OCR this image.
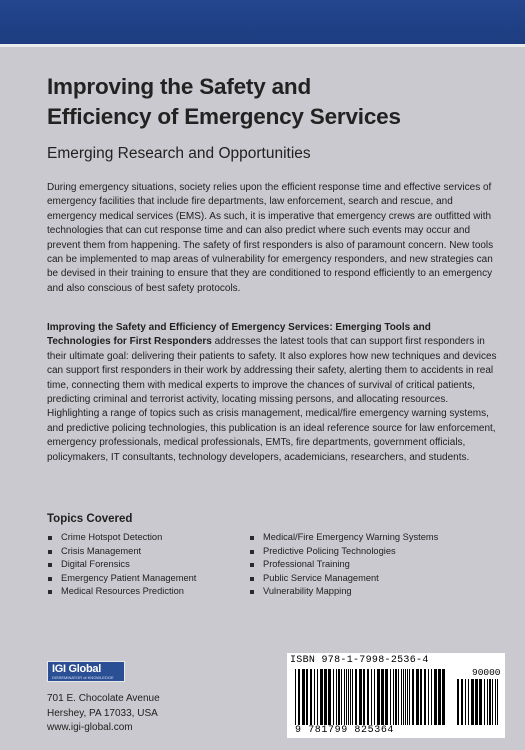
Improving the Safety and
Efficiency of Emergency Services
Emerging Research and Opportunities

During emergency situations, society relies upon the efficient response time and effective services of emergency facilities that include fire departments, law enforcement, search and rescue, and emergency medical services (EMS). As such, it is imperative that emergency crews are outfitted with technologies that can cut response time and can also predict where such events may occur and prevent them from happening. The safety of first responders is also of paramount concern. New tools can be implemented to map areas of vulnerability for emergency responders, and new strategies can be devised in their training to ensure that they are conditioned to respond efficiently to an emergency and also conscious of best safety protocols.

Improving the Safety and Efficiency of Emergency Services: Emerging Tools and Technologies for First Responders addresses the latest tools that can support first responders in their ultimate goal: delivering their patients to safety. It also explores how new techniques and devices can support first responders in their work by addressing their safety, alerting them to accidents in real time, connecting them with medical experts to improve the chances of survival of critical patients, predicting criminal and terrorist activity, locating missing persons, and allocating resources. Highlighting a range of topics such as crisis management, medical/fire emergency warning systems, and predictive policing technologies, this publication is an ideal reference source for law enforcement, emergency professionals, medical professionals, EMTs, fire departments, government officials, policymakers, IT consultants, technology developers, academicians, researchers, and students.

Topics Covered
Crime Hotspot Detection
Crisis Management
Digital Forensics
Emergency Patient Management
Medical Resources Prediction
Medical/Fire Emergency Warning Systems
Predictive Policing Technologies
Professional Training
Public Service Management
Vulnerability Mapping
IGI Global
DISSEMINATOR of KNOWLEDGE
701 E. Chocolate Avenue
Hershey, PA 17033, USA
www.igi-global.com
ISBN 978-1-7998-2536-4
90000
9 781799 825364
